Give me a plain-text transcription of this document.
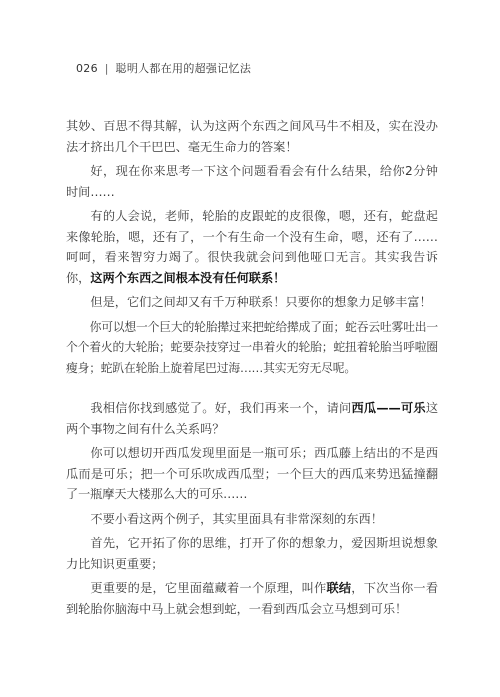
026 | 聪明人都在用的超强记忆法

其妙、百思不得其解，认为这两个东西之间风马牛不相及，实在没办法才挤出几个干巴巴、毫无生命力的答案！

好，现在你来思考一下这个问题看看会有什么结果，给你2分钟时间……

有的人会说，老师，轮胎的皮跟蛇的皮很像，嗯，还有，蛇盘起来像轮胎，嗯，还有了，一个有生命一个没有生命，嗯，还有了……呵呵，看来智穷力竭了。很快我就会问到他哑口无言。其实我告诉你，这两个东西之间根本没有任何联系！

但是，它们之间却又有千万种联系！只要你的想象力足够丰富！

你可以想一个巨大的轮胎撵过来把蛇给撵成了面；蛇吞云吐雾吐出一个个着火的大轮胎；蛇要杂技穿过一串着火的轮胎；蛇扭着轮胎当呼啦圈瘦身；蛇趴在轮胎上旋着尾巴过海……其实无穷无尽呢。

我相信你找到感觉了。好，我们再来一个，请问西瓜——可乐这两个事物之间有什么关系吗？

你可以想切开西瓜发现里面是一瓶可乐；西瓜藤上结出的不是西瓜而是可乐；把一个可乐吹成西瓜型；一个巨大的西瓜来势迅猛撞翻了一瓶摩天大楼那么大的可乐……

不要小看这两个例子，其实里面具有非常深刻的东西！

首先，它开拓了你的思维，打开了你的想象力，爱因斯坦说想象力比知识更重要；

更重要的是，它里面蕴藏着一个原理，叫作联结，下次当你一看到轮胎你脑海中马上就会想到蛇，一看到西瓜会立马想到可乐！
